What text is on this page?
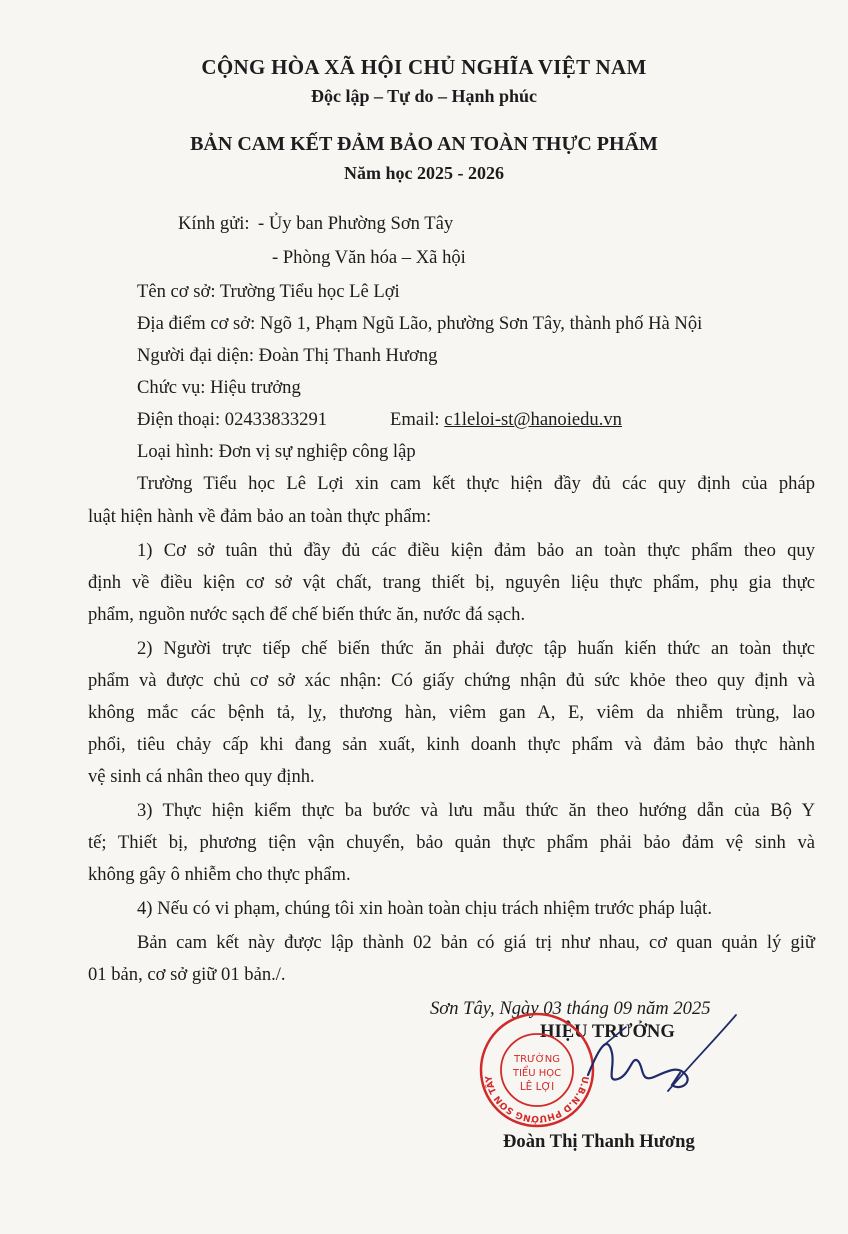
CỘNG HÒA XÃ HỘI CHỦ NGHĨA VIỆT NAM
Độc lập – Tự do – Hạnh phúc
BẢN CAM KẾT ĐẢM BẢO AN TOÀN THỰC PHẨM
Năm học 2025 - 2026
Kính gửi: - Ủy ban Phường Sơn Tây
- Phòng Văn hóa – Xã hội
Tên cơ sở: Trường Tiểu học Lê Lợi
Địa điểm cơ sở: Ngõ 1, Phạm Ngũ Lão, phường Sơn Tây, thành phố Hà Nội
Người đại diện: Đoàn Thị Thanh Hương
Chức vụ: Hiệu trưởng
Điện thoại: 02433833291	Email: c1leloi-st@hanoiedu.vn
Loại hình: Đơn vị sự nghiệp công lập
Trường Tiểu học Lê Lợi xin cam kết thực hiện đầy đủ các quy định của pháp
luật hiện hành về đảm bảo an toàn thực phẩm:
1) Cơ sở tuân thủ đầy đủ các điều kiện đảm bảo an toàn thực phẩm theo quy
định về điều kiện cơ sở vật chất, trang thiết bị, nguyên liệu thực phẩm, phụ gia thực
phẩm, nguồn nước sạch để chế biến thức ăn, nước đá sạch.
2) Người trực tiếp chế biến thức ăn phải được tập huấn kiến thức an toàn thực
phẩm và được chủ cơ sở xác nhận: Có giấy chứng nhận đủ sức khỏe theo quy định và
không mắc các bệnh tả, lỵ, thương hàn, viêm gan A, E, viêm da nhiễm trùng, lao
phổi, tiêu chảy cấp khi đang sản xuất, kinh doanh thực phẩm và đảm bảo thực hành
vệ sinh cá nhân theo quy định.
3) Thực hiện kiểm thực ba bước và lưu mẫu thức ăn theo hướng dẫn của Bộ Y
tế; Thiết bị, phương tiện vận chuyển, bảo quản thực phẩm phải bảo đảm vệ sinh và
không gây ô nhiễm cho thực phẩm.
4) Nếu có vi phạm, chúng tôi xin hoàn toàn chịu trách nhiệm trước pháp luật.
Bản cam kết này được lập thành 02 bản có giá trị như nhau, cơ quan quản lý giữ
01 bản, cơ sở giữ 01 bản./.
Sơn Tây, Ngày 03 tháng 09 năm 2025
HIỆU TRƯỞNG
U.B.N.D PHƯỜNG SƠN TÂY
TRƯỜNG
TIỂU HỌC
LÊ LỢI
Đoàn Thị Thanh Hương
